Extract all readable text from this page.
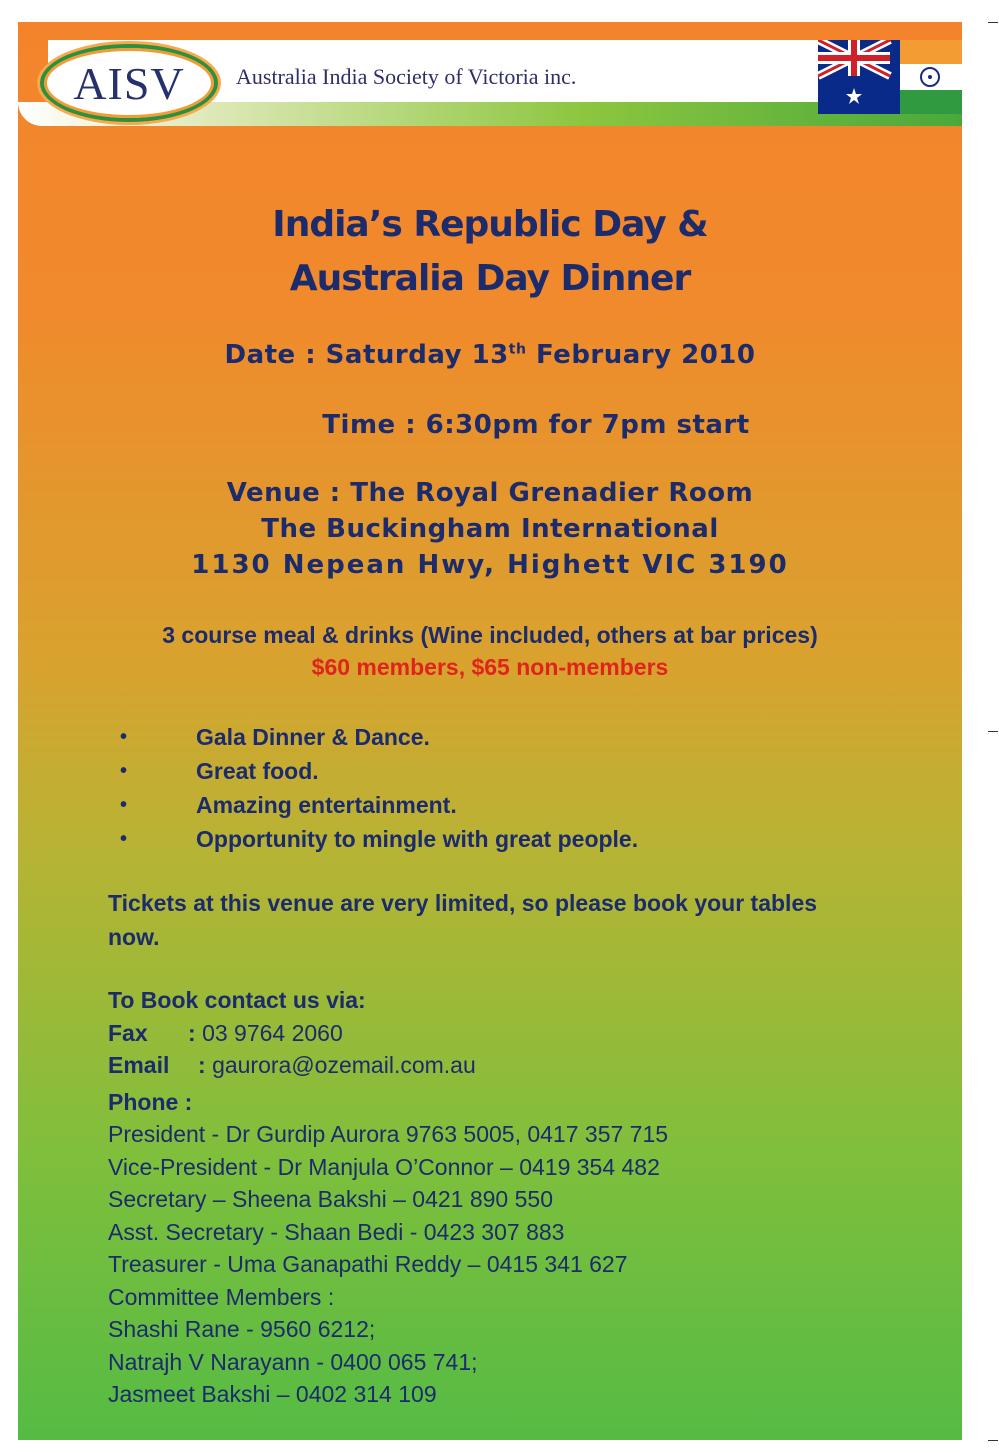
AISV Australia India Society of Victoria inc.
India’s Republic Day &
Australia Day Dinner
Date : Saturday 13th February 2010
Time : 6:30pm for 7pm start
Venue : The Royal Grenadier Room
The Buckingham International
1130 Nepean Hwy, Highett VIC 3190
3 course meal & drinks (Wine included, others at bar prices)
$60 members, $65 non-members
•	Gala Dinner & Dance.
•	Great food.
•	Amazing entertainment.
•	Opportunity to mingle with great people.
Tickets at this venue are very limited, so please book your tables now.
To Book contact us via:
Fax : 03 9764 2060
Email : gaurora@ozemail.com.au
Phone :
President - Dr Gurdip Aurora 9763 5005, 0417 357 715
Vice-President - Dr Manjula O’Connor – 0419 354 482
Secretary – Sheena Bakshi – 0421 890 550
Asst. Secretary - Shaan Bedi - 0423 307 883
Treasurer - Uma Ganapathi Reddy – 0415 341 627
Committee Members :
Shashi Rane - 9560 6212;
Natrajh V Narayann - 0400 065 741;
Jasmeet Bakshi – 0402 314 109
